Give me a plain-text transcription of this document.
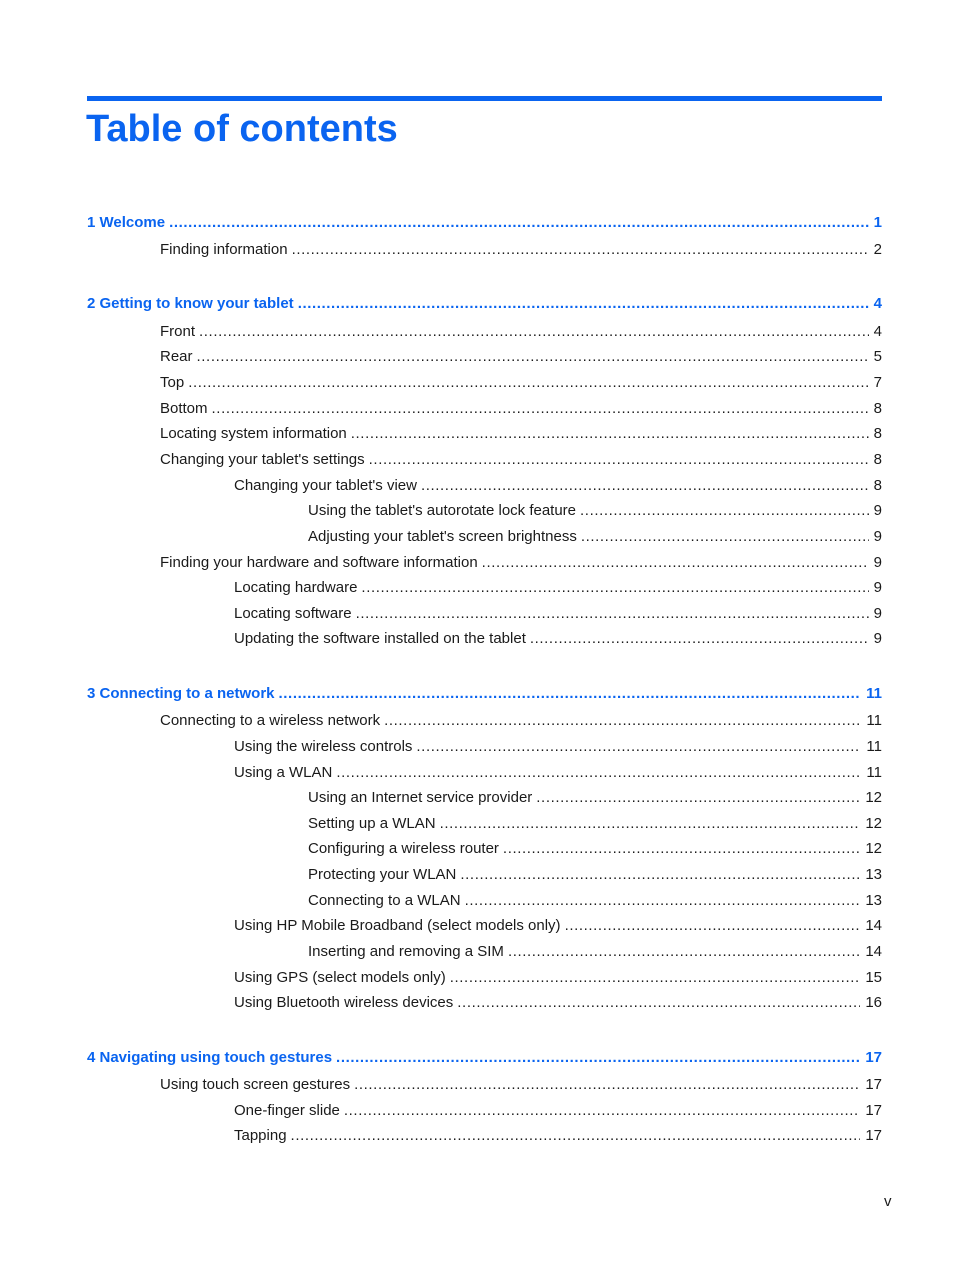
Table of contents
1 Welcome .....	1
Finding information .....	2
2 Getting to know your tablet .....	4
Front .....	4
Rear .....	5
Top .....	7
Bottom .....	8
Locating system information .....	8
Changing your tablet's settings .....	8
Changing your tablet's view .....	8
Using the tablet's autorotate lock feature .....	9
Adjusting your tablet's screen brightness .....	9
Finding your hardware and software information .....	9
Locating hardware .....	9
Locating software .....	9
Updating the software installed on the tablet .....	9
3 Connecting to a network .....	11
Connecting to a wireless network .....	11
Using the wireless controls .....	11
Using a WLAN .....	11
Using an Internet service provider .....	12
Setting up a WLAN .....	12
Configuring a wireless router .....	12
Protecting your WLAN .....	13
Connecting to a WLAN .....	13
Using HP Mobile Broadband (select models only) .....	14
Inserting and removing a SIM .....	14
Using GPS (select models only) .....	15
Using Bluetooth wireless devices .....	16
4 Navigating using touch gestures .....	17
Using touch screen gestures .....	17
One-finger slide .....	17
Tapping .....	17
v
